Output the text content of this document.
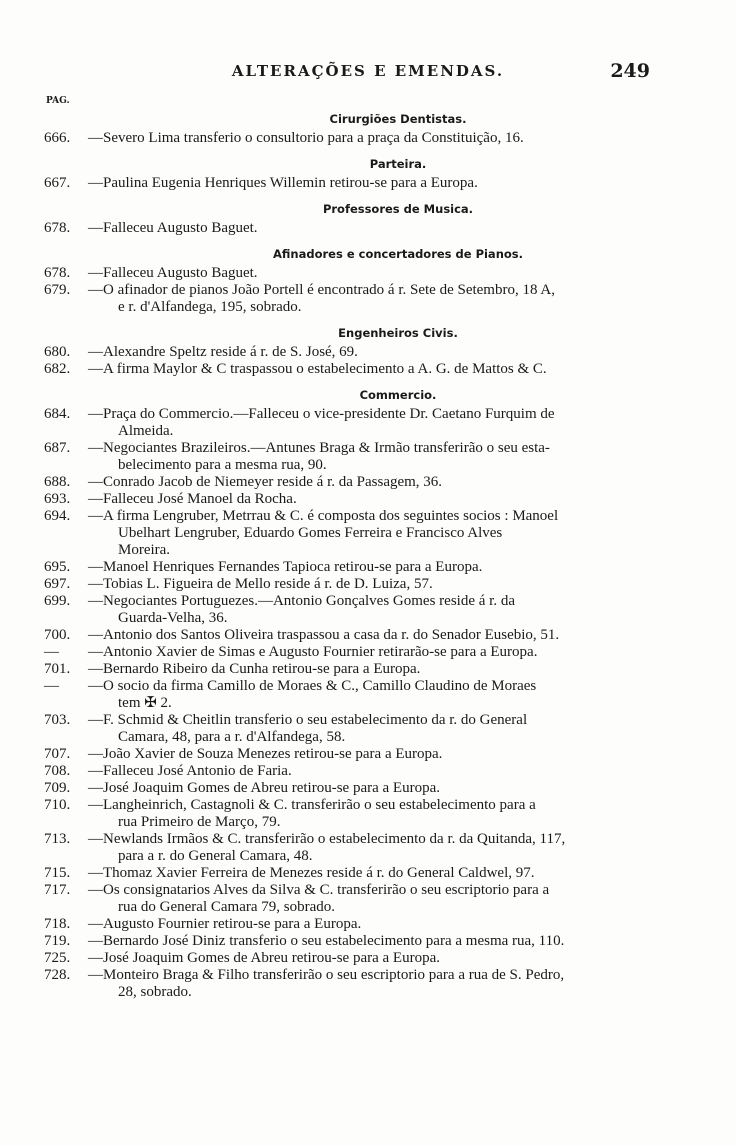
ALTERAÇÕES E EMENDAS.	249
PAG.
Cirurgiões Dentistas.
666.	—Severo Lima transferio o consultorio para a praça da Constituição, 16.
Parteira.
667.	—Paulina Eugenia Henriques Willemin retirou-se para a Europa.
Professores de Musica.
678.	—Falleceu Augusto Baguet.
Afinadores e concertadores de Pianos.
678.	—Falleceu Augusto Baguet.
679.	—O afinador de pianos João Portell é encontrado á r. Sete de Setembro, 18 A,
e r. d'Alfandega, 195, sobrado.
Engenheiros Civis.
680.	—Alexandre Speltz reside á r. de S. José, 69.
682.	—A firma Maylor & C traspassou o estabelecimento a A. G. de Mattos & C.
Commercio.
684.	—Praça do Commercio.—Falleceu o vice-presidente Dr. Caetano Furquim de
Almeida.
687.	—Negociantes Brazileiros.—Antunes Braga & Irmão transferirão o seu esta-
belecimento para a mesma rua, 90.
688.	—Conrado Jacob de Niemeyer reside á r. da Passagem, 36.
693.	—Falleceu José Manoel da Rocha.
694.	—A firma Lengruber, Metrrau & C. é composta dos seguintes socios : Manoel
Ubelhart Lengruber, Eduardo Gomes Ferreira e Francisco Alves
Moreira.
695.	—Manoel Henriques Fernandes Tapioca retirou-se para a Europa.
697.	—Tobias L. Figueira de Mello reside á r. de D. Luiza, 57.
699.	—Negociantes Portuguezes.—Antonio Gonçalves Gomes reside á r. da
Guarda-Velha, 36.
700.	—Antonio dos Santos Oliveira traspassou a casa da r. do Senador Eusebio, 51.
—	—Antonio Xavier de Simas e Augusto Fournier retirarão-se para a Europa.
701.	—Bernardo Ribeiro da Cunha retirou-se para a Europa.
—	—O socio da firma Camillo de Moraes & C., Camillo Claudino de Moraes
tem ✠ 2.
703.	—F. Schmid & Cheitlin transferio o seu estabelecimento da r. do General
Camara, 48, para a r. d'Alfandega, 58.
707.	—João Xavier de Souza Menezes retirou-se para a Europa.
708.	—Falleceu José Antonio de Faria.
709.	—José Joaquim Gomes de Abreu retirou-se para a Europa.
710.	—Langheinrich, Castagnoli & C. transferirão o seu estabelecimento para a
rua Primeiro de Março, 79.
713.	—Newlands Irmãos & C. transferirão o estabelecimento da r. da Quitanda, 117,
para a r. do General Camara, 48.
715.	—Thomaz Xavier Ferreira de Menezes reside á r. do General Caldwel, 97.
717.	—Os consignatarios Alves da Silva & C. transferirão o seu escriptorio para a
rua do General Camara 79, sobrado.
718.	—Augusto Fournier retirou-se para a Europa.
719.	—Bernardo José Diniz transferio o seu estabelecimento para a mesma rua, 110.
725.	—José Joaquim Gomes de Abreu retirou-se para a Europa.
728.	—Monteiro Braga & Filho transferirão o seu escriptorio para a rua de S. Pedro,
28, sobrado.
